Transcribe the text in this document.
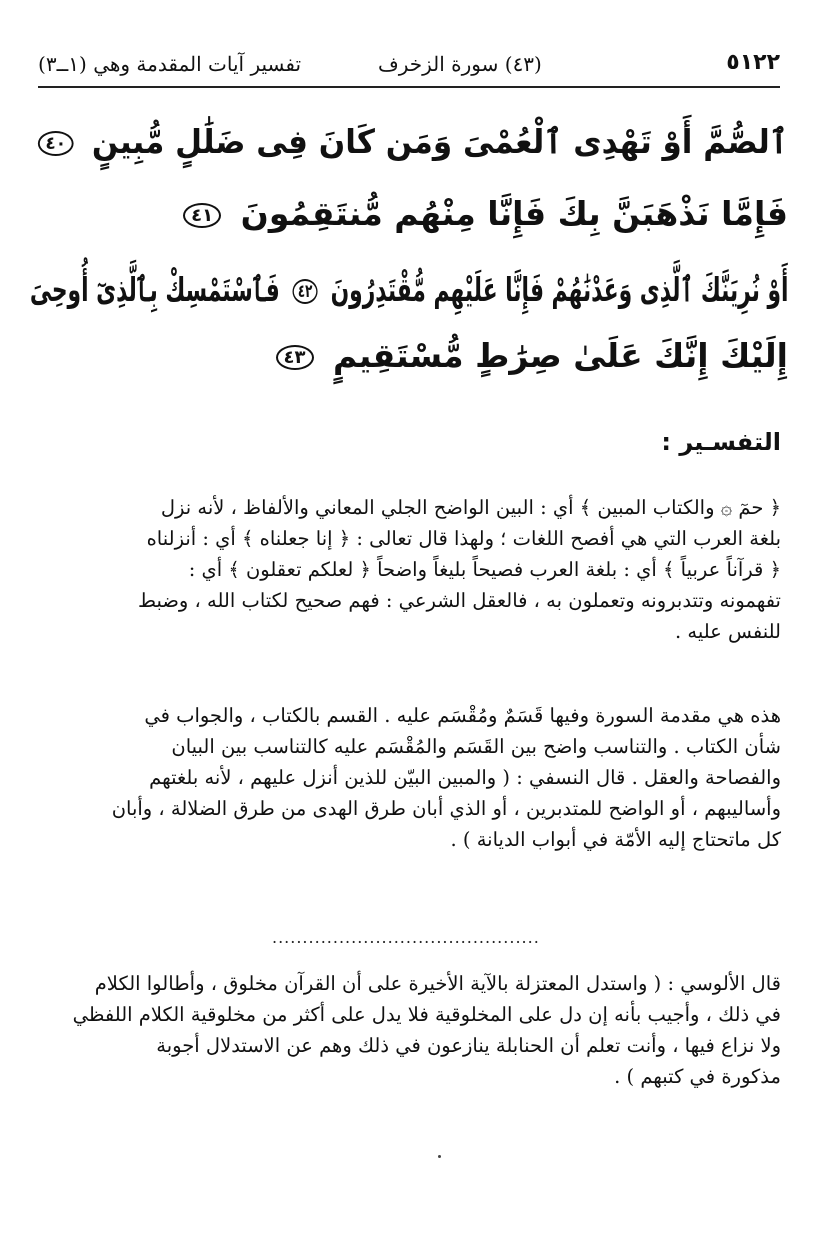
٥١٢٢
(٤٣) سورة الزخرف
تفسير آيات المقدمة وهي (١ــ٣)
ٱلصُّمَّ أَوْ تَهْدِى ٱلْعُمْىَ وَمَن كَانَ فِى ضَلَٰلٍ مُّبِينٍ ٤٠
فَإِمَّا نَذْهَبَنَّ بِكَ فَإِنَّا مِنْهُم مُّنتَقِمُونَ ٤١
أَوْ نُرِيَنَّكَ ٱلَّذِى وَعَدْنَٰهُمْ فَإِنَّا عَلَيْهِم مُّقْتَدِرُونَ ٤٢ فَٱسْتَمْسِكْ بِٱلَّذِىٓ أُوحِىَ
إِلَيْكَ إِنَّكَ عَلَىٰ صِرَٰطٍ مُّسْتَقِيمٍ ٤٣
التفسـير :
﴿ حمٓ ۞ والكتاب المبين ﴾ أي : البين الواضح الجلي المعاني والألفاظ ، لأنه نزل
بلغة العرب التي هي أفصح اللغات ؛ ولهذا قال تعالى : ﴿ إنا جعلناه ﴾ أي : أنزلناه
﴿ قرآناً عربياً ﴾ أي : بلغة العرب فصيحاً بليغاً واضحاً ﴿ لعلكم تعقلون ﴾ أي :
تفهمونه وتتدبرونه وتعملون به ، فالعقل الشرعي : فهم صحيح لكتاب الله ، وضبط
للنفس عليه .
هذه هي مقدمة السورة وفيها قَسَمٌ ومُقْسَم عليه . القسم بالكتاب ، والجواب في
شأن الكتاب . والتناسب واضح بين القَسَم والمُقْسَم عليه كالتناسب بين البيان
والفصاحة والعقل . قال النسفي : ( والمبين البيّن للذين أنزل عليهم ، لأنه بلغتهم
وأساليبهم ، أو الواضح للمتدبرين ، أو الذي أبان طرق الهدى من طرق الضلالة ، وأبان
كل ماتحتاج إليه الأمّة في أبواب الديانة ) .
............................................
قال الألوسي : ( واستدل المعتزلة بالآية الأخيرة على أن القرآن مخلوق ، وأطالوا الكلام
في ذلك ، وأجيب بأنه إن دل على المخلوقية فلا يدل على أكثر من مخلوقية الكلام اللفظي
ولا نزاع فيها ، وأنت تعلم أن الحنابلة ينازعون في ذلك وهم عن الاستدلال أجوبة
مذكورة في كتبهم ) .
